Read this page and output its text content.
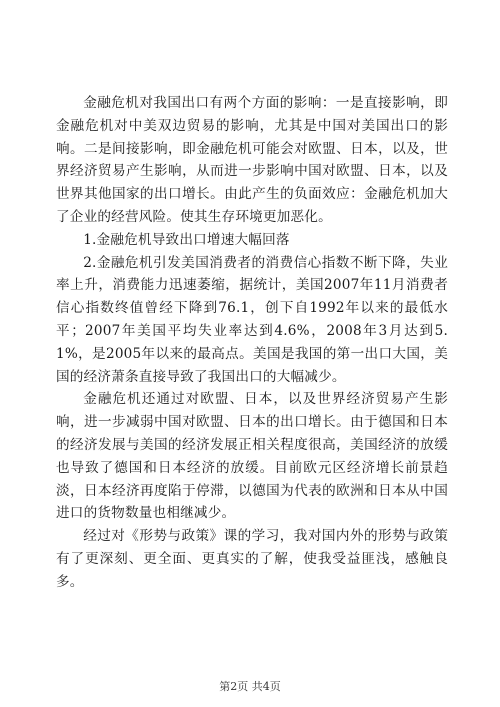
金融危机对我国出口有两个方面的影响：一是直接影响，即金融危机对中美双边贸易的影响，尤其是中国对美国出口的影响。二是间接影响，即金融危机可能会对欧盟、日本，以及，世界经济贸易产生影响，从而进一步影响中国对欧盟、日本，以及世界其他国家的出口增长。由此产生的负面效应：金融危机加大了企业的经营风险。使其生存环境更加恶化。

1.金融危机导致出口增速大幅回落

2.金融危机引发美国消费者的消费信心指数不断下降，失业率上升，消费能力迅速萎缩，据统计，美国2007年11月消费者信心指数终值曾经下降到76.1，创下自1992年以来的最低水平；2007年美国平均失业率达到4.6%，2008年3月达到5.1%，是2005年以来的最高点。美国是我国的第一出口大国，美国的经济萧条直接导致了我国出口的大幅减少。

金融危机还通过对欧盟、日本，以及世界经济贸易产生影响，进一步减弱中国对欧盟、日本的出口增长。由于德国和日本的经济发展与美国的经济发展正相关程度很高，美国经济的放缓也导致了德国和日本经济的放缓。目前欧元区经济增长前景趋淡，日本经济再度陷于停滞，以德国为代表的欧洲和日本从中国进口的货物数量也相继减少。

经过对《形势与政策》课的学习，我对国内外的形势与政策有了更深刻、更全面、更真实的了解，使我受益匪浅，感触良多。

第2页 共4页
